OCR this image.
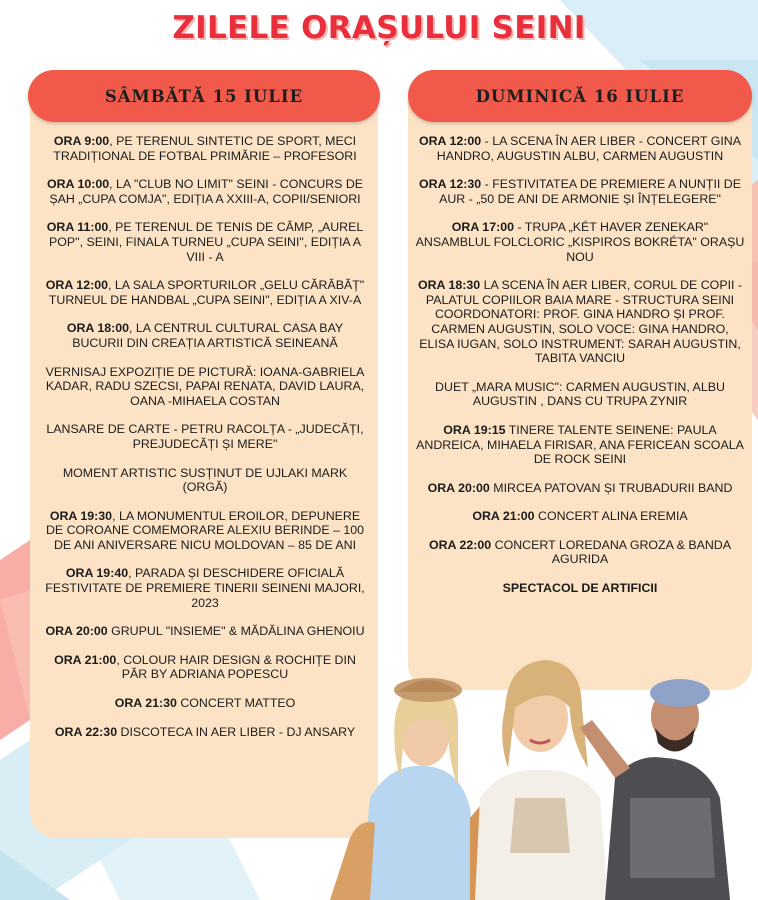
ZILELE ORAȘULUI SEINI
SÂMBĂTĂ 15 IULIE	DUMINICĂ 16 IULIE
ORA 9:00, PE TERENUL SINTETIC DE SPORT, MECI TRADIȚIONAL DE FOTBAL PRIMĂRIE – PROFESORI
ORA 10:00, LA "CLUB NO LIMIT" SEINI - CONCURS DE ȘAH „CUPA COMJA", EDIȚIA A XXIII-A, COPII/SENIORI
ORA 11:00, PE TERENUL DE TENIS DE CÂMP, „AUREL POP", SEINI, FINALA TURNEU „CUPA SEINI", EDIȚIA A VIII - A
ORA 12:00, LA SALA SPORTURILOR „GELU CĂRĂBĂȚ" TURNEUL DE HANDBAL „CUPA SEINI", EDIȚIA A XIV-A
ORA 18:00, LA CENTRUL CULTURAL CASA BAY BUCURII DIN CREAȚIA ARTISTICĂ SEINEANĂ
VERNISAJ EXPOZIȚIE DE PICTURĂ: IOANA-GABRIELA KADAR, RADU SZECSI, PAPAI RENATA, DAVID LAURA, OANA -MIHAELA COSTAN
LANSARE DE CARTE - PETRU RACOLȚA - „JUDECĂȚI, PREJUDECĂȚI ȘI MERE"
MOMENT ARTISTIC SUSȚINUT DE UJLAKI MARK (ORGĂ)
ORA 19:30, LA MONUMENTUL EROILOR, DEPUNERE DE COROANE COMEMORARE ALEXIU BERINDE – 100 DE ANI ANIVERSARE NICU MOLDOVAN – 85 DE ANI
ORA 19:40, PARADA ȘI DESCHIDERE OFICIALĂ FESTIVITATE DE PREMIERE TINERII SEINENI MAJORI, 2023
ORA 20:00 GRUPUL "INSIEME" & MĂDĂLINA GHENOIU
ORA 21:00, COLOUR HAIR DESIGN & ROCHIȚE DIN PĂR BY ADRIANA POPESCU
ORA 21:30 CONCERT MATTEO
ORA 22:30 DISCOTECA IN AER LIBER - DJ ANSARY
ORA 12:00 - LA SCENA ÎN AER LIBER - CONCERT GINA HANDRO, AUGUSTIN ALBU, CARMEN AUGUSTIN
ORA 12:30 - FESTIVITATEA DE PREMIERE A NUNȚII DE AUR - „50 DE ANI DE ARMONIE ȘI ÎNȚELEGERE"
ORA 17:00 - TRUPA „KÉT HAVER ZENEKAR" ANSAMBLUL FOLCLORIC „KISPIROS BOKRÉTA" ORAȘU NOU
ORA 18:30 LA SCENA ÎN AER LIBER, CORUL DE COPII - PALATUL COPIILOR BAIA MARE - STRUCTURA SEINI COORDONATORI: PROF. GINA HANDRO ȘI PROF. CARMEN AUGUSTIN, SOLO VOCE: GINA HANDRO, ELISA IUGAN, SOLO INSTRUMENT: SARAH AUGUSTIN, TABITA VANCIU
DUET „MARA MUSIC": CARMEN AUGUSTIN, ALBU AUGUSTIN , DANS CU TRUPA ZYNIR
ORA 19:15 TINERE TALENTE SEINENE: PAULA ANDREICA, MIHAELA FIRISAR, ANA FERICEAN SCOALA DE ROCK SEINI
ORA 20:00 MIRCEA PATOVAN ȘI TRUBADURII BAND
ORA 21:00 CONCERT ALINA EREMIA
ORA 22:00 CONCERT LOREDANA GROZA & BANDA AGURIDA
SPECTACOL DE ARTIFICII
